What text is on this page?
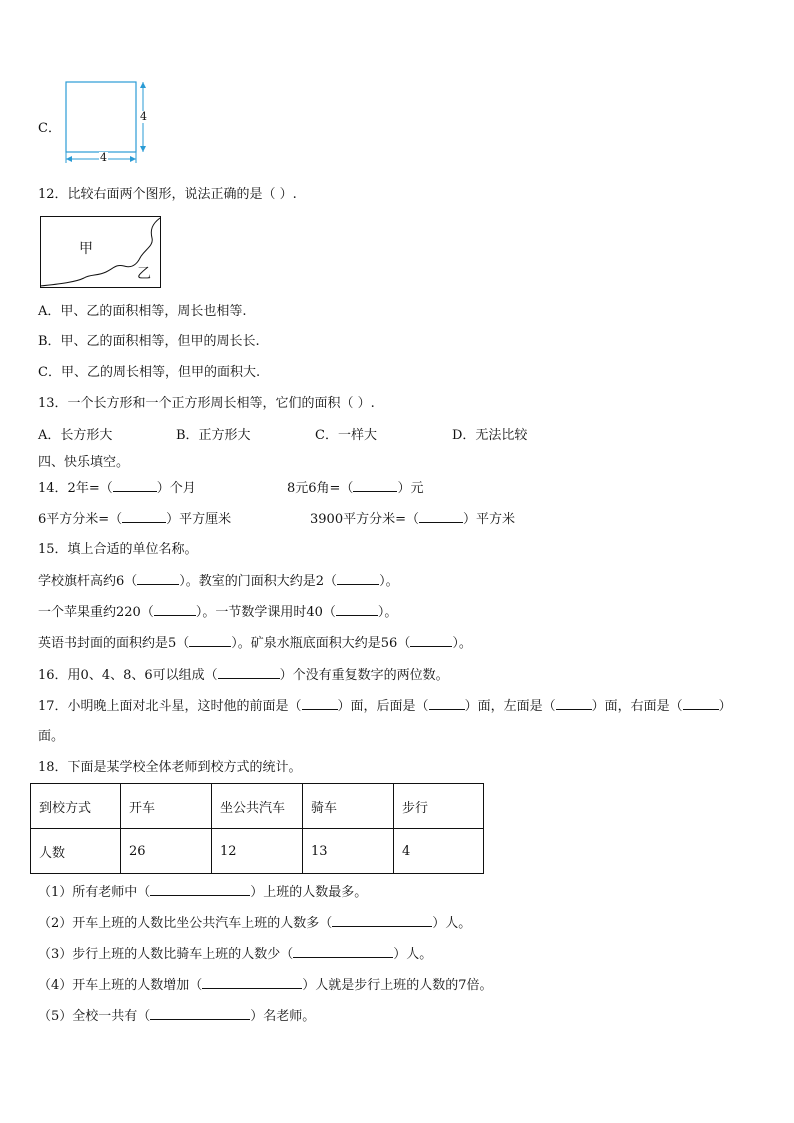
C．
4
4
12．比较右面两个图形，说法正确的是（ ）.
甲
乙
A．甲、乙的面积相等，周长也相等.
B．甲、乙的面积相等，但甲的周长长.
C．甲、乙的周长相等，但甲的面积大.
13．一个长方形和一个正方形周长相等，它们的面积（ ）.
A．长方形大	B．正方形大	C．一样大	D．无法比较
四、快乐填空。
14．2年=（	）个月	8元6角=（	）元
6平方分米=（	）平方厘米	3900平方分米=（	）平方米
15．填上合适的单位名称。
学校旗杆高约6（	）。教室的门面积大约是2（	）。
一个苹果重约220（	）。一节数学课用时40（	）。
英语书封面的面积约是5（	）。矿泉水瓶底面积大约是56（	）。
16．用0、4、8、6可以组成（	）个没有重复数字的两位数。
17．小明晚上面对北斗星，这时他的前面是（	）面，后面是（	）面，左面是（	）面，右面是（	）
面。
18．下面是某学校全体老师到校方式的统计。
到校方式	开车	坐公共汽车	骑车	步行
人数	26	12	13	4
（1）所有老师中（	）上班的人数最多。
（2）开车上班的人数比坐公共汽车上班的人数多（	）人。
（3）步行上班的人数比骑车上班的人数少（	）人。
（4）开车上班的人数增加（	）人就是步行上班的人数的7倍。
（5）全校一共有（	）名老师。
